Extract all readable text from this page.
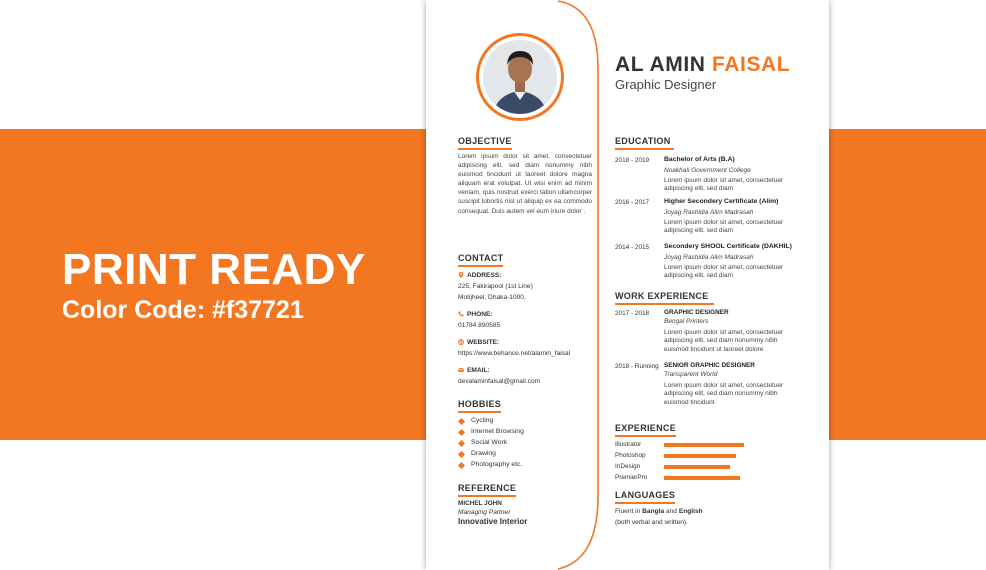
PRINT READY
Color Code: #f37721
AL AMIN FAISAL
Graphic Designer
OBJECTIVE
Lorem ipsum dolor sit amet, consectetuer adipiscing elit, sed diam nonummy nibh euismod tincidunt ut laoreet dolore magna aliquam erat volutpat. Ut wisi enim ad minim veniam, quis nostrud exerci tation ullamcorper suscipit lobortis nisl ut aliquip ex ea commodo consequat. Duis autem vel eum iriure dolor .
CONTACT
ADDRESS:
225, Fakirapool (1st Line)
Motijheel, Dhaka-1000.
PHONE:
01784 890585
WEBSITE:
https://www.behance.net/alamin_faisal
EMAIL:
devalaminfaisal@gmail.com
HOBBIES
Cycling
Internet Browsing
Social Work
Drawing
Photography etc.
REFERENCE
MICHEL JOHN
Managing Partner
Innovative Interior
EDUCATION
2018 - 2019 Bachelor of Arts (B.A)
Noakhali Government College
Lorem ipsum dolor sit amet, consectetuer adipiscing elit, sed diam
2016 - 2017 Higher Secondery Certificate (Alim)
Joyag Rashidia Alim Madrasah
Lorem ipsum dolor sit amet, consectetuer adipiscing elit, sed diam
2014 - 2015 Secondery SHOOL Certificate (DAKHIL)
Joyag Rashidia Alim Madrasah
Lorem ipsum dolor sit amet, consectetuer adipiscing elit, sed diam
WORK EXPERIENCE
2017 - 2018 GRAPHIC DESIGNER
Bengal Printers
Lorem ipsum dolor sit amet, consectetuer adipiscing elit, sed diam nonummy nibh euismod tincidunt ut laoreet dolore
2018 - Running SENIOR GRAPHIC DESIGNER
Transparent World
Lorem ipsum dolor sit amet, consectetuer adipiscing elit, sed diam nonummy nibh euismod tincidunt
EXPERIENCE
Illustrator
Photoshop
InDesign
PremierPro
LANGUAGES
Fluent in Bangla and English
(both verbal and written).
